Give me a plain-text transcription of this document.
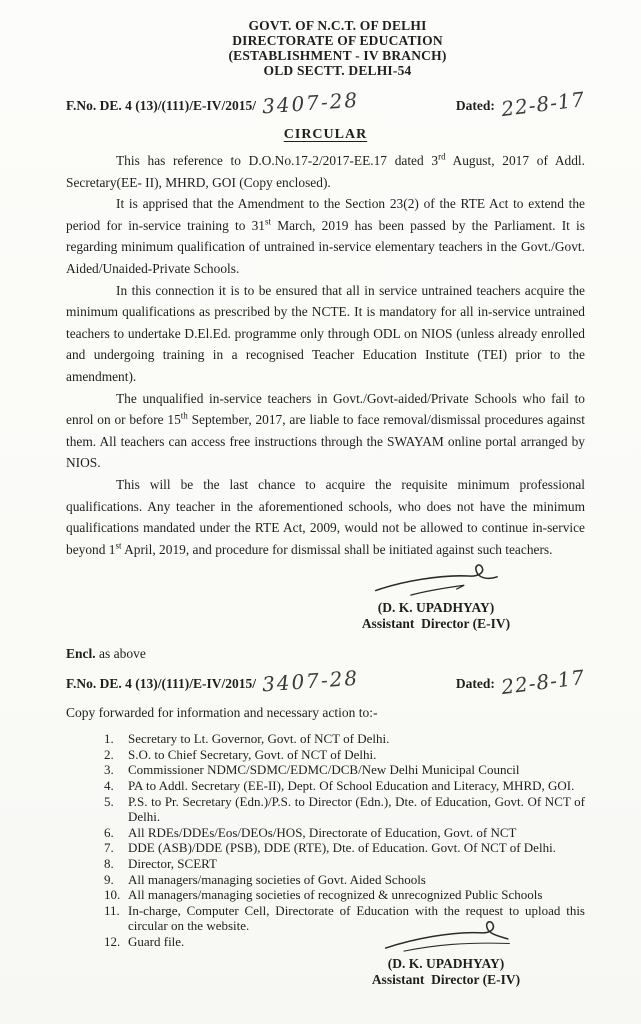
GOVT. OF N.C.T. OF DELHI
DIRECTORATE OF EDUCATION
(ESTABLISHMENT - IV BRANCH)
OLD SECTT. DELHI-54
F.No. DE. 4 (13)/(111)/E-IV/2015/ 3407-28	Dated: 22-8-17
CIRCULAR

This has reference to D.O.No.17-2/2017-EE.17 dated 3rd August, 2017 of Addl. Secretary(EE- II), MHRD, GOI (Copy enclosed).

It is apprised that the Amendment to the Section 23(2) of the RTE Act to extend the period for in-service training to 31st March, 2019 has been passed by the Parliament. It is regarding minimum qualification of untrained in-service elementary teachers in the Govt./Govt. Aided/Unaided-Private Schools.

In this connection it is to be ensured that all in service untrained teachers acquire the minimum qualifications as prescribed by the NCTE. It is mandatory for all in-service untrained teachers to undertake D.El.Ed. programme only through ODL on NIOS (unless already enrolled and undergoing training in a recognised Teacher Education Institute (TEI) prior to the amendment).

The unqualified in-service teachers in Govt./Govt-aided/Private Schools who fail to enrol on or before 15th September, 2017, are liable to face removal/dismissal procedures against them. All teachers can access free instructions through the SWAYAM online portal arranged by NIOS.

This will be the last chance to acquire the requisite minimum professional qualifications. Any teacher in the aforementioned schools, who does not have the minimum qualifications mandated under the RTE Act, 2009, would not be allowed to continue in-service beyond 1st April, 2019, and procedure for dismissal shall be initiated against such teachers.

(D. K. UPADHYAY)
Assistant  Director (E-IV)
Encl. as above
F.No. DE. 4 (13)/(111)/E-IV/2015/ 3407-28	Dated: 22-8-17
Copy forwarded for information and necessary action to:-
Secretary to Lt. Governor, Govt. of NCT of Delhi.
S.O. to Chief Secretary, Govt. of NCT of Delhi.
Commissioner NDMC/SDMC/EDMC/DCB/New Delhi Municipal Council
PA to Addl. Secretary (EE-II), Dept. Of School Education and Literacy, MHRD, GOI.
P.S. to Pr. Secretary (Edn.)/P.S. to Director (Edn.), Dte. of Education, Govt. Of NCT of Delhi.
All RDEs/DDEs/Eos/DEOs/HOS, Directorate of Education, Govt. of NCT
DDE (ASB)/DDE (PSB), DDE (RTE), Dte. of Education. Govt. Of NCT of Delhi.
Director, SCERT
All managers/managing societies of Govt. Aided Schools
All managers/managing societies of recognized & unrecognized Public Schools
In-charge, Computer Cell, Directorate of Education with the request to upload this circular on the website.
Guard file.
(D. K. UPADHYAY)
Assistant  Director (E-IV)
